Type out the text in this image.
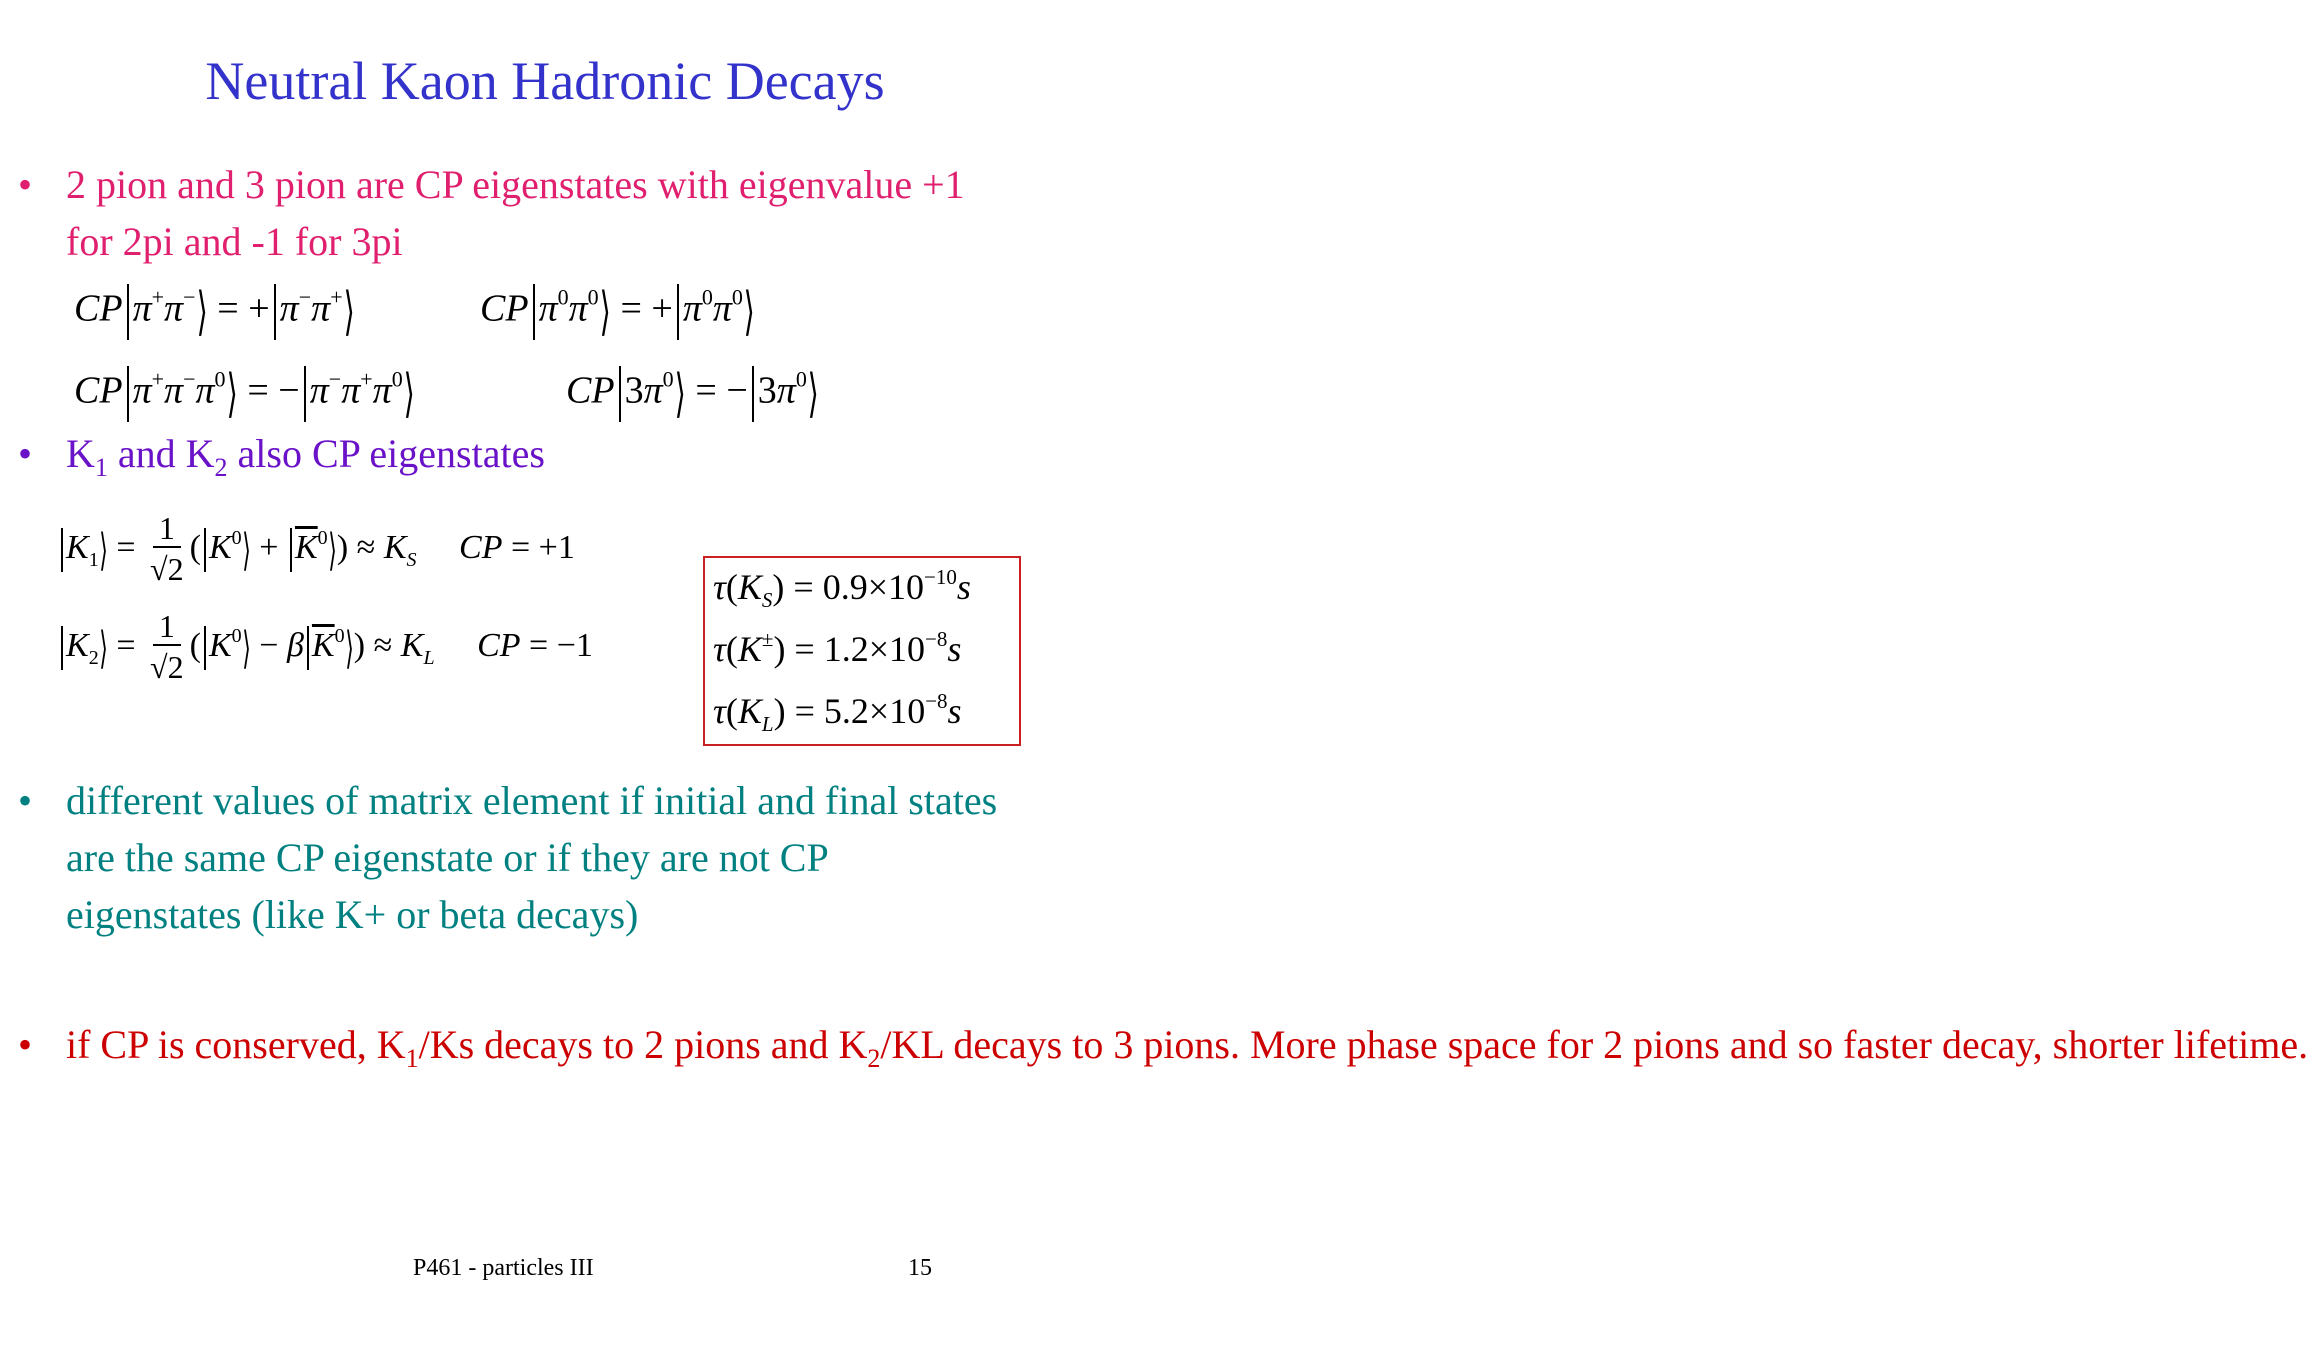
Neutral Kaon Hadronic Decays
• 2 pion and 3 pion are CP eigenstates with eigenvalue +1 for 2pi and -1 for 3pi
CP π+π−⟩ = + π−π+⟩	CP $\pi^0\pi^0⟩$ = + $\pi^0\pi^0⟩$
CP $\pi^+\pi^-\pi^0⟩$ = − $\pi^-\pi^+\pi^0⟩$	CP $3\pi^0⟩$ = − $3\pi^0⟩$
• $K_1$ and $K_2$ also CP eigenstates
$K_1⟩ = \frac{1}{√2}$ ( $K^0⟩$ + $\overline{K}^0⟩) \approx K_S$ CP = +1
$K_2⟩ = \frac{1}{√2}$ ( $K^0⟩ - \beta$ $\overline{K}^0⟩) \approx K_L$ CP = −1
$\tau(K_S) = 0.9\times 10^{-10}s$
$\tau(K^\pm) = 1.2\times 10^{-8}s$
$\tau(K_L) = 5.2\times 10^{-8}s$
• different values of matrix element if initial and final states are the same CP eigenstate or if they are not CP eigenstates (like K+ or beta decays)
• if CP is conserved, $K_1/Ks$ decays to 2 pions and $K_2/KL$ decays to 3 pions. More phase space for 2 pions and so faster decay, shorter lifetime.
P461 - particles III	15
